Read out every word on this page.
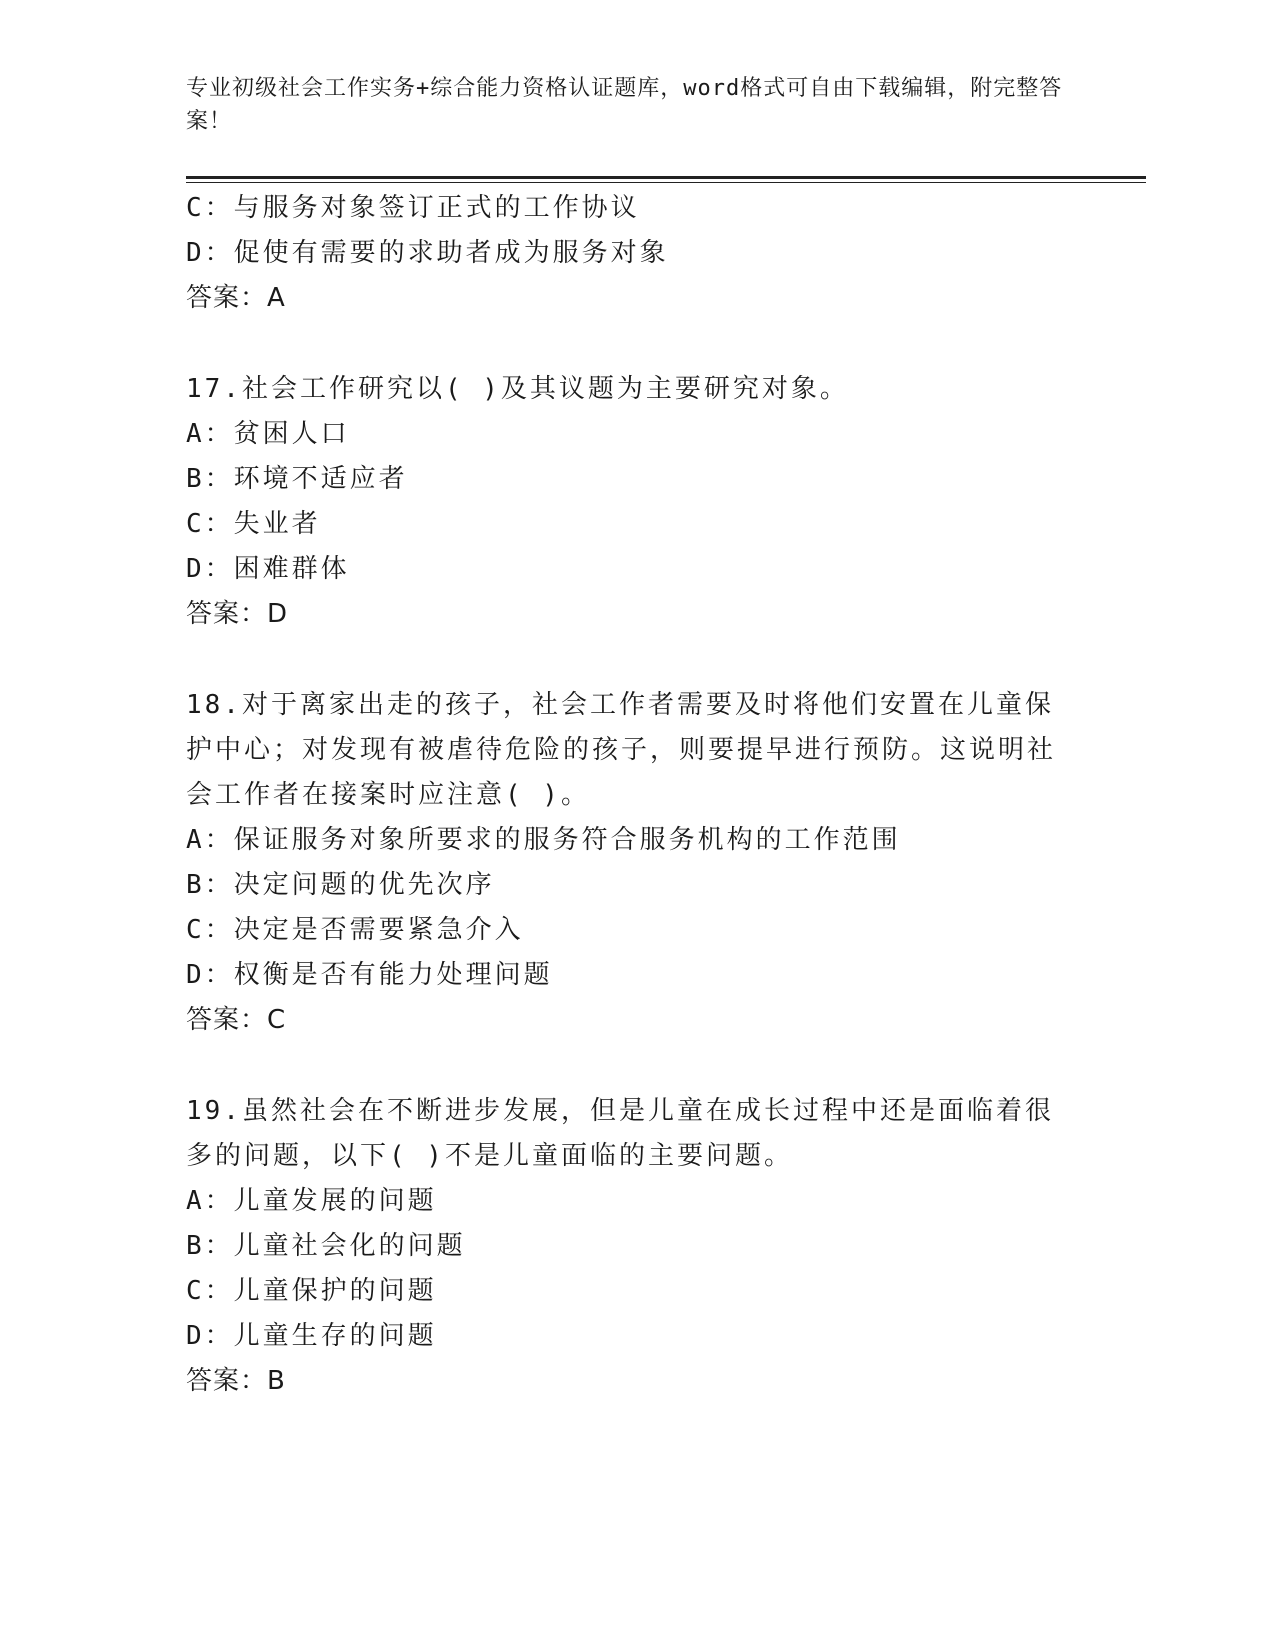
专业初级社会工作实务+综合能力资格认证题库，word格式可自由下载编辑，附完整答案！
C：与服务对象签订正式的工作协议
D：促使有需要的求助者成为服务对象
答案：A
17.社会工作研究以( )及其议题为主要研究对象。
A：贫困人口
B：环境不适应者
C：失业者
D：困难群体
答案：D
18.对于离家出走的孩子，社会工作者需要及时将他们安置在儿童保护中心；对发现有被虐待危险的孩子，则要提早进行预防。这说明社会工作者在接案时应注意( )。
A：保证服务对象所要求的服务符合服务机构的工作范围
B：决定问题的优先次序
C：决定是否需要紧急介入
D：权衡是否有能力处理问题
答案：C
19.虽然社会在不断进步发展，但是儿童在成长过程中还是面临着很多的问题，以下( )不是儿童面临的主要问题。
A：儿童发展的问题
B：儿童社会化的问题
C：儿童保护的问题
D：儿童生存的问题
答案：B
